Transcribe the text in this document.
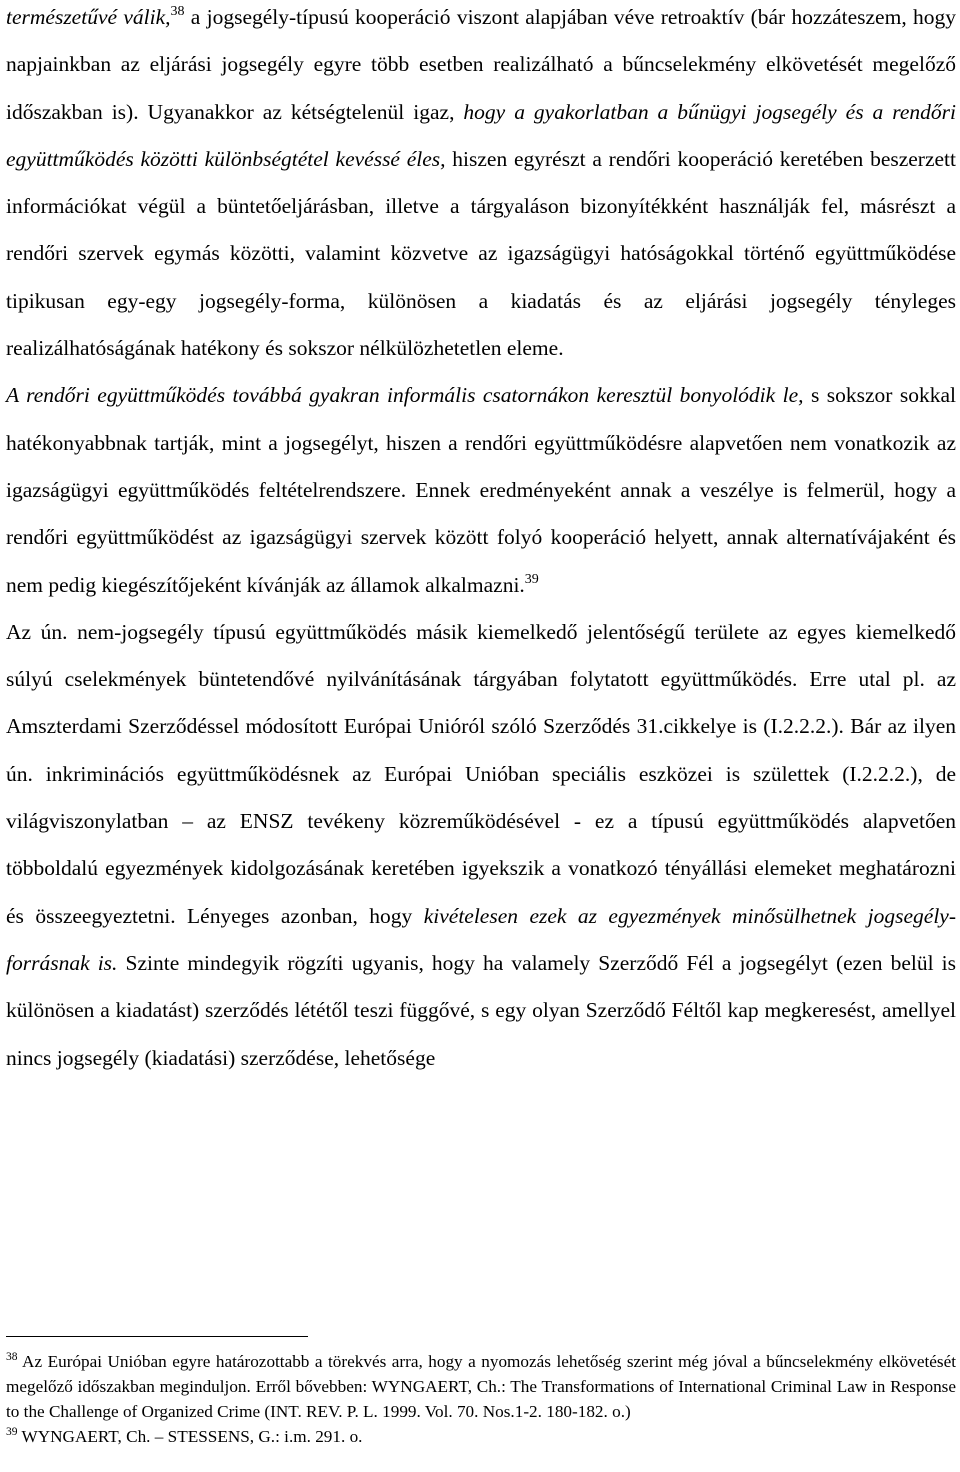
természetűvé válik,$^{38}$ a jogsegély-típusú kooperáció viszont alapjában véve retroaktív (bár hozzáteszem, hogy napjainkban az eljárási jogsegély egyre több esetben realizálható a bűncselekmény elkövetését megelőző időszakban is). Ugyanakkor az kétségtelenül igaz, hogy a gyakorlatban a bűnügyi jogsegély és a rendőri együttműködés közötti különbségtétel kevéssé éles, hiszen egyrészt a rendőri kooperáció keretében beszerzett információkat végül a büntetőeljárásban, illetve a tárgyaláson bizonyítékként használják fel, másrészt a rendőri szervek egymás közötti, valamint közvetve az igazságügyi hatóságokkal történő együttműködése tipikusan egy-egy jogsegély-forma, különösen a kiadatás és az eljárási jogsegély tényleges realizálhatóságának hatékony és sokszor nélkülözhetetlen eleme.

A rendőri együttműködés továbbá gyakran informális csatornákon keresztül bonyolódik le, s sokszor sokkal hatékonyabbnak tartják, mint a jogsegélyt, hiszen a rendőri együttműködésre alapvetően nem vonatkozik az igazságügyi együttműködés feltételrendszere. Ennek eredményeként annak a veszélye is felmerül, hogy a rendőri együttműködést az igazságügyi szervek között folyó kooperáció helyett, annak alternatívájaként és nem pedig kiegészítőjeként kívánják az államok alkalmazni.$^{39}$

Az ún. nem-jogsegély típusú együttműködés másik kiemelkedő jelentőségű területe az egyes kiemelkedő súlyú cselekmények büntetendővé nyilvánításának tárgyában folytatott együttműködés. Erre utal pl. az Amszterdami Szerződéssel módosított Európai Unióról szóló Szerződés 31.cikkelye is (I.2.2.2.). Bár az ilyen ún. inkriminációs együttműködésnek az Európai Unióban speciális eszközei is születtek (I.2.2.2.), de világviszonylatban – az ENSZ tevékeny közreműködésével - ez a típusú együttműködés alapvetően többoldalú egyezmények kidolgozásának keretében igyekszik a vonatkozó tényállási elemeket meghatározni és összeegyeztetni. Lényeges azonban, hogy kivételesen ezek az egyezmények minősülhetnek jogsegély-forrásnak is. Szinte mindegyik rögzíti ugyanis, hogy ha valamely Szerződő Fél a jogsegélyt (ezen belül is különösen a kiadatást) szerződés lététől teszi függővé, s egy olyan Szerződő Féltől kap megkeresést, amellyel nincs jogsegély (kiadatási) szerződése, lehetősége

$^{38}$ Az Európai Unióban egyre határozottabb a törekvés arra, hogy a nyomozás lehetőség szerint még jóval a bűncselekmény elkövetését megelőző időszakban meginduljon. Erről bővebben: WYNGAERT, Ch.: The Transformations of International Criminal Law in Response to the Challenge of Organized Crime (INT. REV. P. L. 1999. Vol. 70. Nos.1-2. 180-182. o.)

$^{39}$ WYNGAERT, Ch. – STESSENS, G.: i.m. 291. o.
